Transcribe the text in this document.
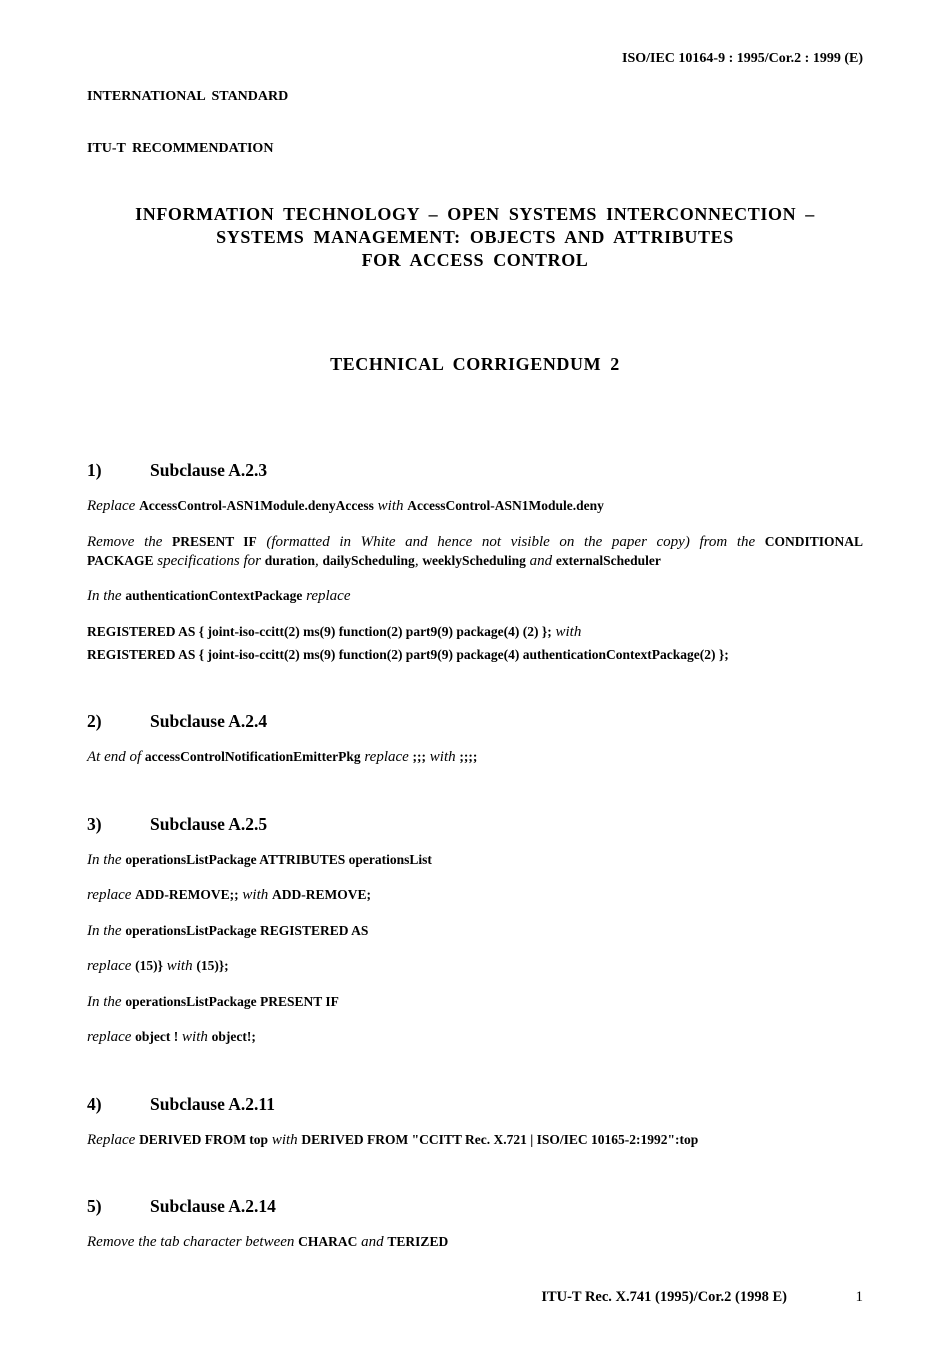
ISO/IEC 10164-9 : 1995/Cor.2 : 1999 (E)
INTERNATIONAL STANDARD
ITU-T RECOMMENDATION
INFORMATION TECHNOLOGY – OPEN SYSTEMS INTERCONNECTION –
SYSTEMS MANAGEMENT: OBJECTS AND ATTRIBUTES
FOR ACCESS CONTROL
TECHNICAL CORRIGENDUM 2
1)	Subclause A.2.3
Replace AccessControl-ASN1Module.denyAccess with AccessControl-ASN1Module.deny
Remove the PRESENT IF (formatted in White and hence not visible on the paper copy) from the CONDITIONAL
PACKAGE specifications for duration, dailyScheduling, weeklyScheduling and externalScheduler
In the authenticationContextPackage replace
REGISTERED AS { joint-iso-ccitt(2) ms(9) function(2) part9(9) package(4) (2) }; with
REGISTERED AS { joint-iso-ccitt(2) ms(9) function(2) part9(9) package(4) authenticationContextPackage(2) };
2)	Subclause A.2.4
At end of accessControlNotificationEmitterPkg replace ;;; with ;;;;
3)	Subclause A.2.5
In the operationsListPackage ATTRIBUTES operationsList
replace ADD-REMOVE;; with ADD-REMOVE;
In the operationsListPackage REGISTERED AS
replace (15)} with (15)};
In the operationsListPackage PRESENT IF
replace object ! with object!;
4)	Subclause A.2.11
Replace DERIVED FROM top with DERIVED FROM "CCITT Rec. X.721 | ISO/IEC 10165-2:1992":top
5)	Subclause A.2.14
Remove the tab character between CHARAC and TERIZED
ITU-T Rec. X.741 (1995)/Cor.2 (1998 E)	1
